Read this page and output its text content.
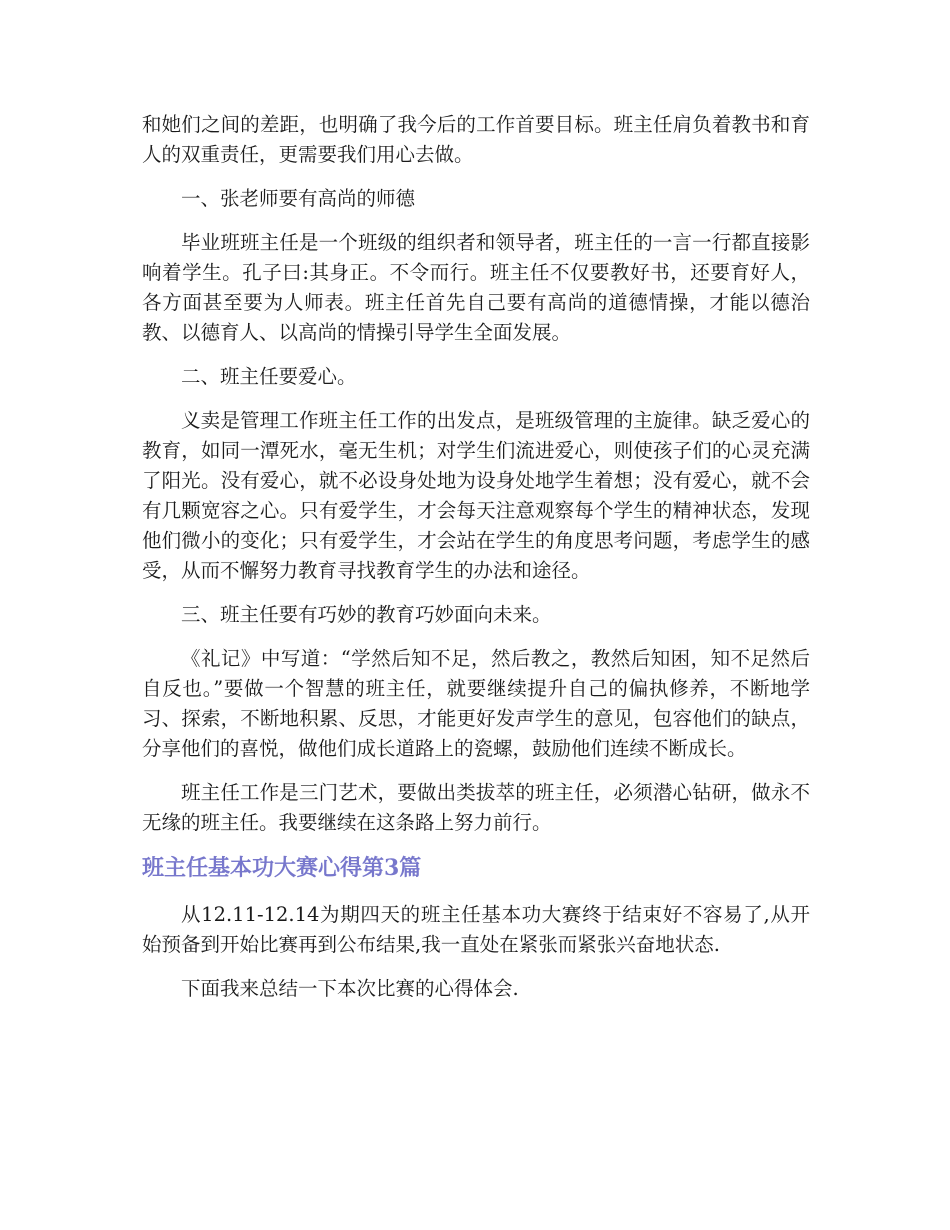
和她们之间的差距，也明确了我今后的工作首要目标。班主任肩负着教书和育人的双重责任，更需要我们用心去做。

一、张老师要有高尚的师德

毕业班班主任是一个班级的组织者和领导者，班主任的一言一行都直接影响着学生。孔子曰:其身正。不令而行。班主任不仅要教好书，还要育好人，各方面甚至要为人师表。班主任首先自己要有高尚的道德情操，才能以德治教、以德育人、以高尚的情操引导学生全面发展。

二、班主任要爱心。

义卖是管理工作班主任工作的出发点，是班级管理的主旋律。缺乏爱心的教育，如同一潭死水，毫无生机；对学生们流进爱心，则使孩子们的心灵充满了阳光。没有爱心，就不必设身处地为设身处地学生着想；没有爱心，就不会有几颗宽容之心。只有爱学生，才会每天注意观察每个学生的精神状态，发现他们微小的变化；只有爱学生，才会站在学生的角度思考问题，考虑学生的感受，从而不懈努力教育寻找教育学生的办法和途径。

三、班主任要有巧妙的教育巧妙面向未来。

《礼记》中写道：“学然后知不足，然后教之，教然后知困，知不足然后自反也。”要做一个智慧的班主任，就要继续提升自己的偏执修养，不断地学习、探索，不断地积累、反思，才能更好发声学生的意见，包容他们的缺点，分享他们的喜悦，做他们成长道路上的瓷螺，鼓励他们连续不断成长。

班主任工作是三门艺术，要做出类拔萃的班主任，必须潜心钻研，做永不无缘的班主任。我要继续在这条路上努力前行。

班主任基本功大赛心得第3篇

从12.11-12.14为期四天的班主任基本功大赛终于结束好不容易了,从开始预备到开始比赛再到公布结果,我一直处在紧张而紧张兴奋地状态.

下面我来总结一下本次比赛的心得体会.
